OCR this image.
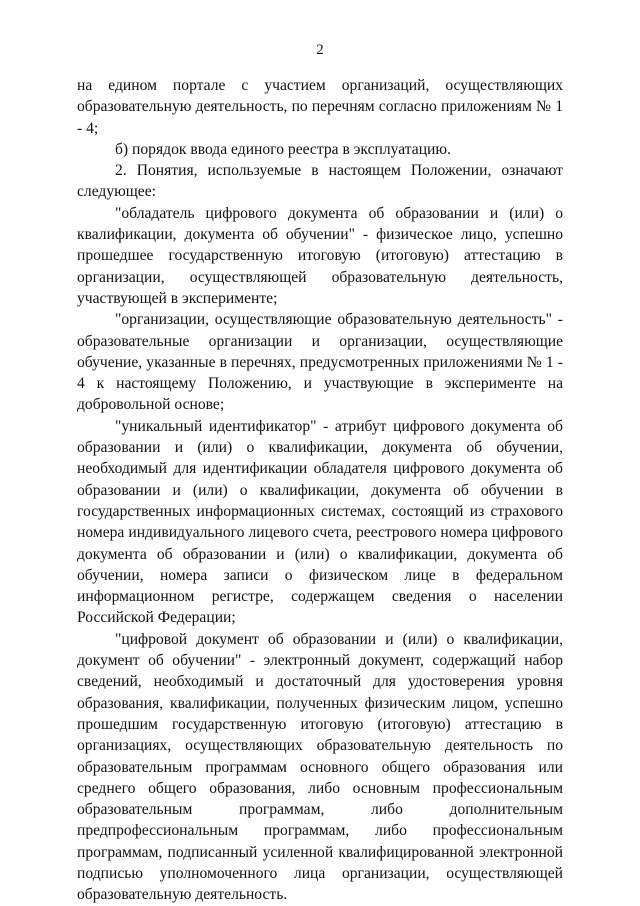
2

на едином портале с участием организаций, осуществляющих образовательную деятельность, по перечням согласно приложениям № 1 - 4;

б) порядок ввода единого реестра в эксплуатацию.

2. Понятия, используемые в настоящем Положении, означают следующее:

"обладатель цифрового документа об образовании и (или) о квалификации, документа об обучении" - физическое лицо, успешно прошедшее государственную итоговую (итоговую) аттестацию в организации, осуществляющей образовательную деятельность, участвующей в эксперименте;

"организации, осуществляющие образовательную деятельность" - образовательные организации и организации, осуществляющие обучение, указанные в перечнях, предусмотренных приложениями № 1 - 4 к настоящему Положению, и участвующие в эксперименте на добровольной основе;

"уникальный идентификатор" - атрибут цифрового документа об образовании и (или) о квалификации, документа об обучении, необходимый для идентификации обладателя цифрового документа об образовании и (или) о квалификации, документа об обучении в государственных информационных системах, состоящий из страхового номера индивидуального лицевого счета, реестрового номера цифрового документа об образовании и (или) о квалификации, документа об обучении, номера записи о физическом лице в федеральном информационном регистре, содержащем сведения о населении Российской Федерации;

"цифровой документ об образовании и (или) о квалификации, документ об обучении" - электронный документ, содержащий набор сведений, необходимый и достаточный для удостоверения уровня образования, квалификации, полученных физическим лицом, успешно прошедшим государственную итоговую (итоговую) аттестацию в организациях, осуществляющих образовательную деятельность по образовательным программам основного общего образования или среднего общего образования, либо основным профессиональным образовательным программам, либо дополнительным предпрофессиональным программам, либо профессиональным программам, подписанный усиленной квалифицированной электронной подписью уполномоченного лица организации, осуществляющей образовательную деятельность.
